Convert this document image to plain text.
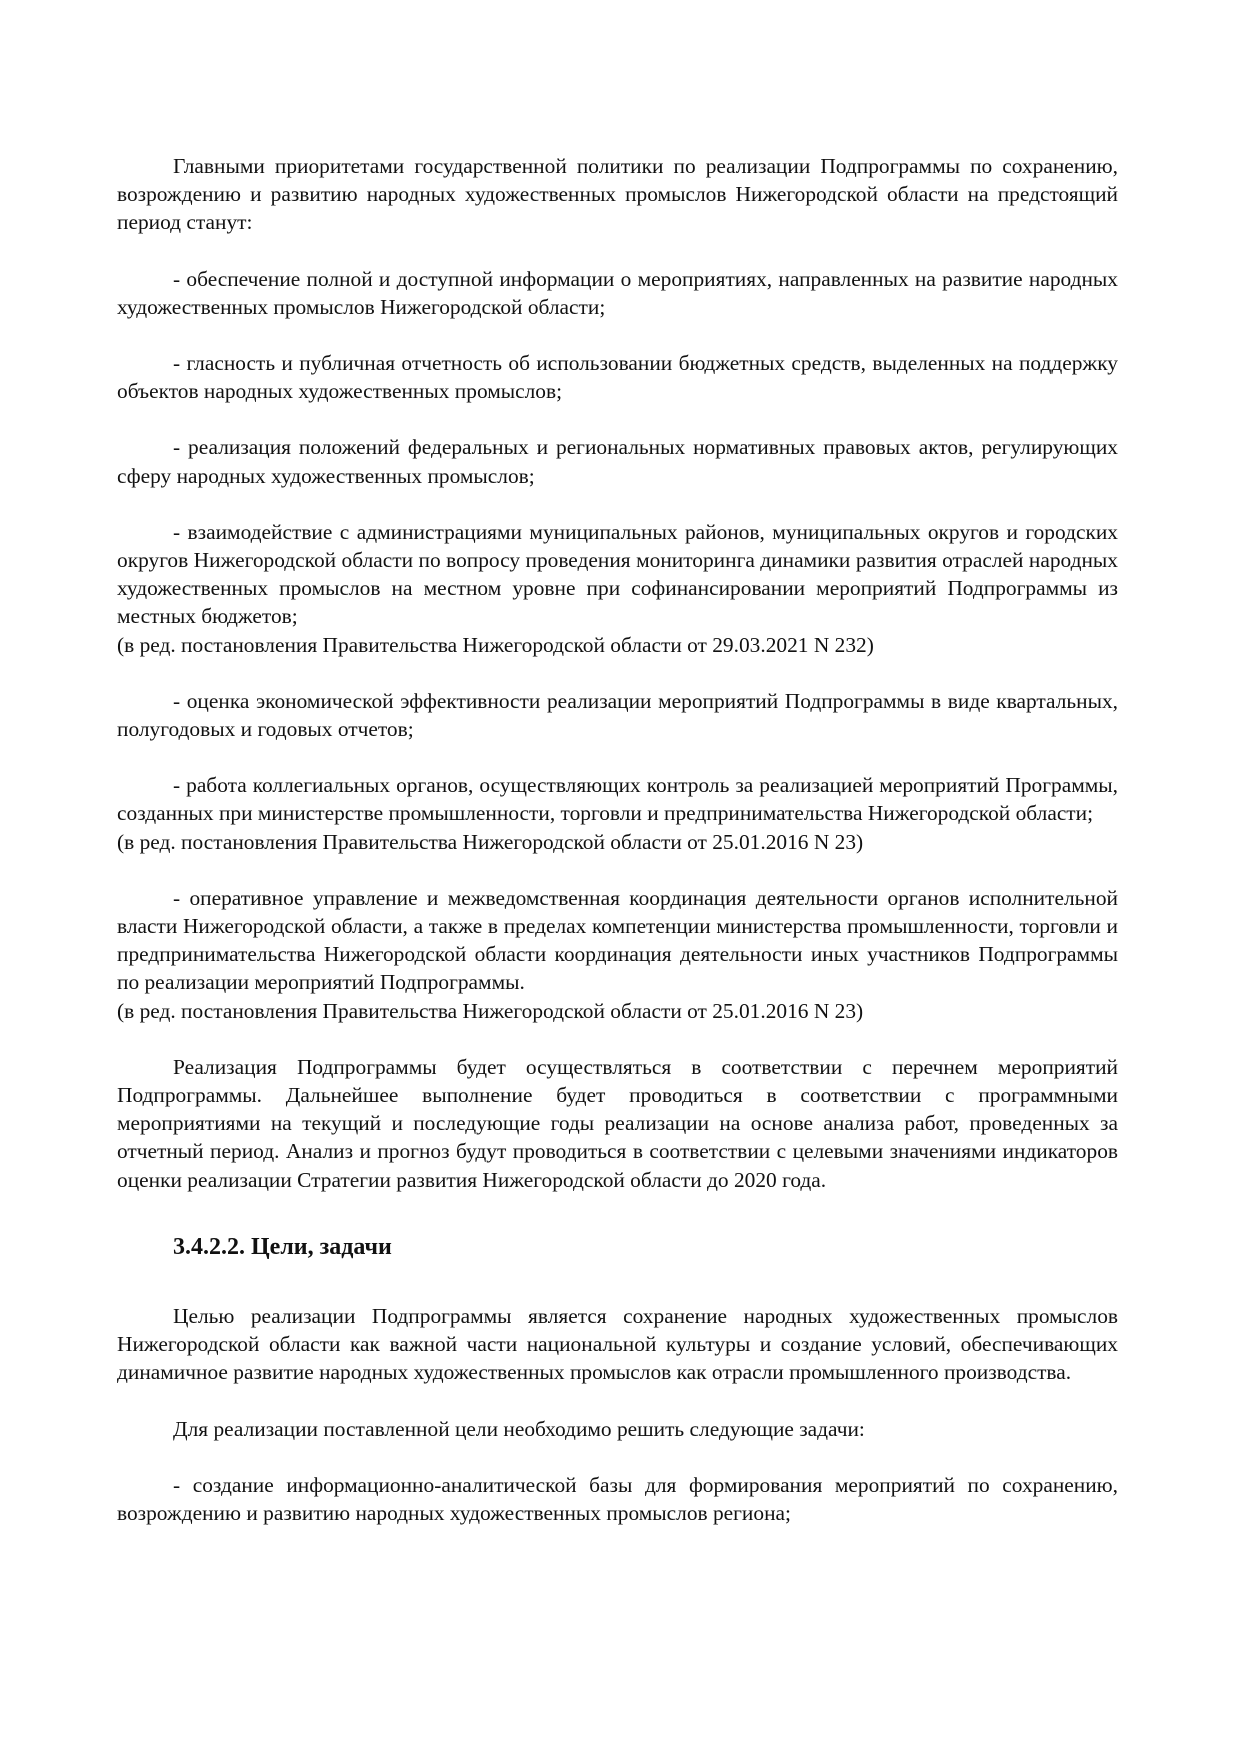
Главными приоритетами государственной политики по реализации Подпрограммы по сохранению, возрождению и развитию народных художественных промыслов Нижегородской области на предстоящий период станут:

- обеспечение полной и доступной информации о мероприятиях, направленных на развитие народных художественных промыслов Нижегородской области;

- гласность и публичная отчетность об использовании бюджетных средств, выделенных на поддержку объектов народных художественных промыслов;

- реализация положений федеральных и региональных нормативных правовых актов, регулирующих сферу народных художественных промыслов;

- взаимодействие с администрациями муниципальных районов, муниципальных округов и городских округов Нижегородской области по вопросу проведения мониторинга динамики развития отраслей народных художественных промыслов на местном уровне при софинансировании мероприятий Подпрограммы из местных бюджетов;

(в ред. постановления Правительства Нижегородской области от 29.03.2021 N 232)

- оценка экономической эффективности реализации мероприятий Подпрограммы в виде квартальных, полугодовых и годовых отчетов;

- работа коллегиальных органов, осуществляющих контроль за реализацией мероприятий Программы, созданных при министерстве промышленности, торговли и предпринимательства Нижегородской области;

(в ред. постановления Правительства Нижегородской области от 25.01.2016 N 23)

- оперативное управление и межведомственная координация деятельности органов исполнительной власти Нижегородской области, а также в пределах компетенции министерства промышленности, торговли и предпринимательства Нижегородской области координация деятельности иных участников Подпрограммы по реализации мероприятий Подпрограммы.

(в ред. постановления Правительства Нижегородской области от 25.01.2016 N 23)

Реализация Подпрограммы будет осуществляться в соответствии с перечнем мероприятий Подпрограммы. Дальнейшее выполнение будет проводиться в соответствии с программными мероприятиями на текущий и последующие годы реализации на основе анализа работ, проведенных за отчетный период. Анализ и прогноз будут проводиться в соответствии с целевыми значениями индикаторов оценки реализации Стратегии развития Нижегородской области до 2020 года.

3.4.2.2. Цели, задачи

Целью реализации Подпрограммы является сохранение народных художественных промыслов Нижегородской области как важной части национальной культуры и создание условий, обеспечивающих динамичное развитие народных художественных промыслов как отрасли промышленного производства.

Для реализации поставленной цели необходимо решить следующие задачи:

- создание информационно-аналитической базы для формирования мероприятий по сохранению, возрождению и развитию народных художественных промыслов региона;
